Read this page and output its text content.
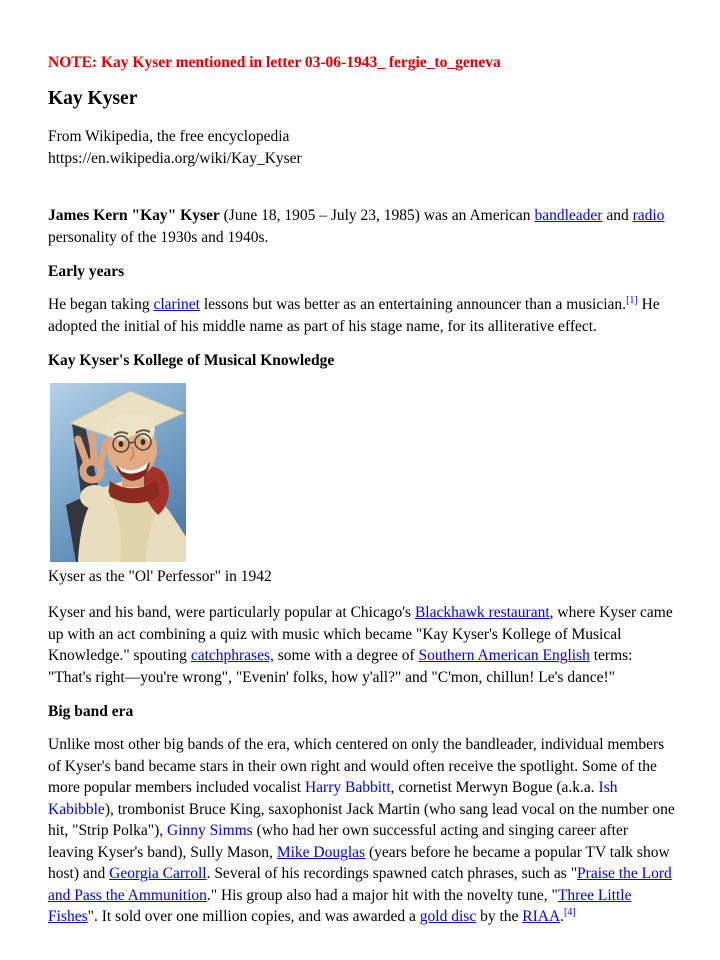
NOTE: Kay Kyser mentioned in letter 03-06-1943_ fergie_to_geneva

Kay Kyser

From Wikipedia, the free encyclopedia

https://en.wikipedia.org/wiki/Kay_Kyser

James Kern "Kay" Kyser (June 18, 1905 – July 23, 1985) was an American bandleader and radio personality of the 1930s and 1940s.

Early years

He began taking clarinet lessons but was better as an entertaining announcer than a musician.[1] He adopted the initial of his middle name as part of his stage name, for its alliterative effect.

Kay Kyser's Kollege of Musical Knowledge

Kyser as the "Ol' Perfessor" in 1942

Kyser and his band, were particularly popular at Chicago's Blackhawk restaurant, where Kyser came up with an act combining a quiz with music which became "Kay Kyser's Kollege of Musical Knowledge." spouting catchphrases, some with a degree of Southern American English terms: "That's right—you're wrong", "Evenin' folks, how y'all?" and "C'mon, chillun! Le's dance!"

Big band era

Unlike most other big bands of the era, which centered on only the bandleader, individual members of Kyser's band became stars in their own right and would often receive the spotlight. Some of the more popular members included vocalist Harry Babbitt, cornetist Merwyn Bogue (a.k.a. Ish Kabibble), trombonist Bruce King, saxophonist Jack Martin (who sang lead vocal on the number one hit, "Strip Polka"), Ginny Simms (who had her own successful acting and singing career after leaving Kyser's band), Sully Mason, Mike Douglas (years before he became a popular TV talk show host) and Georgia Carroll. Several of his recordings spawned catch phrases, such as "Praise the Lord and Pass the Ammunition." His group also had a major hit with the novelty tune, "Three Little Fishes". It sold over one million copies, and was awarded a gold disc by the RIAA.[4]
